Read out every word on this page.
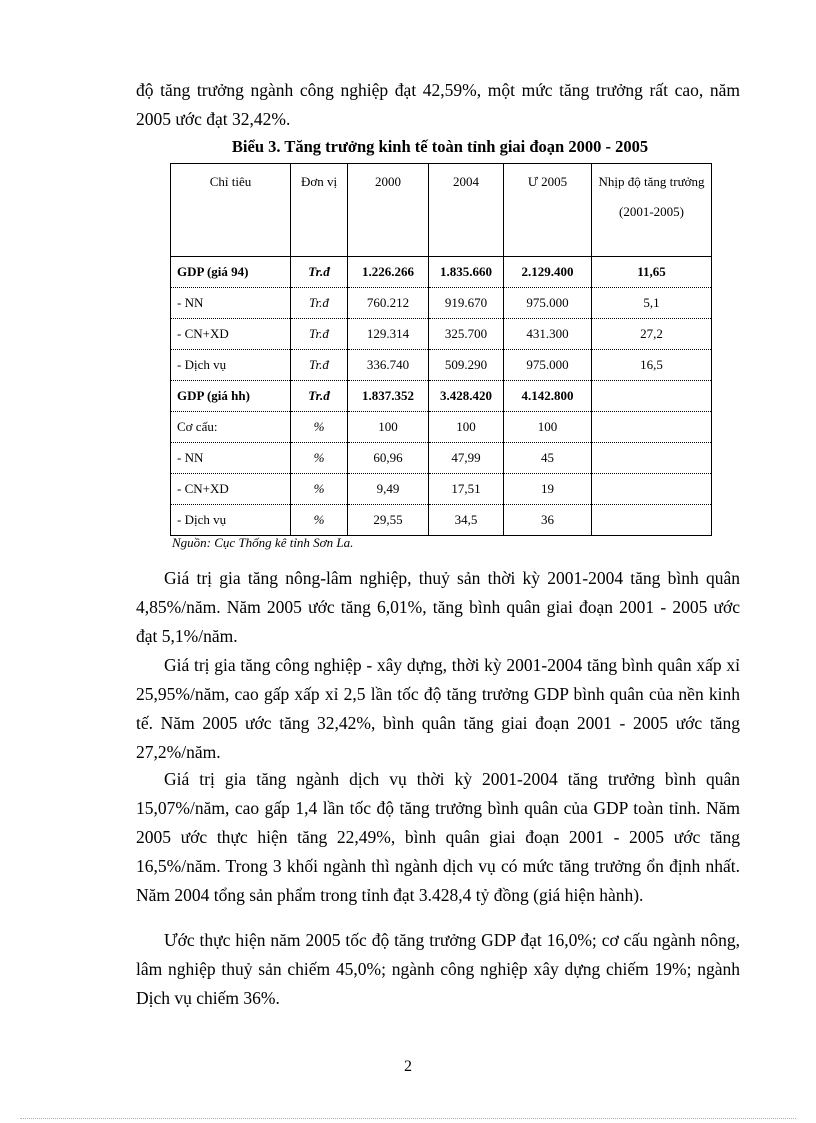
độ tăng trưởng ngành công nghiệp đạt 42,59%, một mức tăng trưởng rất cao, năm 2005 ước đạt 32,42%.

Biểu 3. Tăng trưởng kinh tế toàn tỉnh giai đoạn 2000 - 2005
Chỉ tiêu	Đơn vị	2000	2004	Ư 2005	Nhịp độ tăng trưởng
(2001-2005)

GDP (giá 94)	Tr.đ	1.226.266	1.835.660	2.129.400	11,65
- NN	Tr.đ	760.212	919.670	975.000	5,1
- CN+XD	Tr.đ	129.314	325.700	431.300	27,2
- Dịch vụ	Tr.đ	336.740	509.290	975.000	16,5
GDP (giá hh)	Tr.đ	1.837.352	3.428.420	4.142.800	
Cơ cấu:	%	100	100	100	
- NN	%	60,96	47,99	45	
- CN+XD	%	9,49	17,51	19	
- Dịch vụ	%	29,55	34,5	36	
Nguồn: Cục Thống kê tỉnh Sơn La.

Giá trị gia tăng nông-lâm nghiệp, thuỷ sản thời kỳ 2001-2004 tăng bình quân 4,85%/năm. Năm 2005 ước tăng 6,01%, tăng bình quân giai đoạn 2001 - 2005 ước đạt 5,1%/năm.

Giá trị gia tăng công nghiệp - xây dựng, thời kỳ 2001-2004 tăng bình quân xấp xỉ 25,95%/năm, cao gấp xấp xỉ 2,5 lần tốc độ tăng trưởng GDP bình quân của nền kinh tế. Năm 2005 ước tăng 32,42%, bình quân tăng giai đoạn 2001 - 2005 ước tăng 27,2%/năm.

Giá trị gia tăng ngành dịch vụ thời kỳ 2001-2004 tăng trưởng bình quân 15,07%/năm, cao gấp 1,4 lần tốc độ tăng trưởng bình quân của GDP toàn tỉnh. Năm 2005 ước thực hiện tăng 22,49%, bình quân giai đoạn 2001 - 2005 ước tăng 16,5%/năm. Trong 3 khối ngành thì ngành dịch vụ có mức tăng trưởng ổn định nhất. Năm 2004 tổng sản phẩm trong tỉnh đạt 3.428,4 tỷ đồng (giá hiện hành).

Ước thực hiện năm 2005 tốc độ tăng trưởng GDP đạt 16,0%; cơ cấu ngành nông, lâm nghiệp thuỷ sản chiếm 45,0%; ngành công nghiệp xây dựng chiếm 19%; ngành Dịch vụ chiếm 36%.

2
